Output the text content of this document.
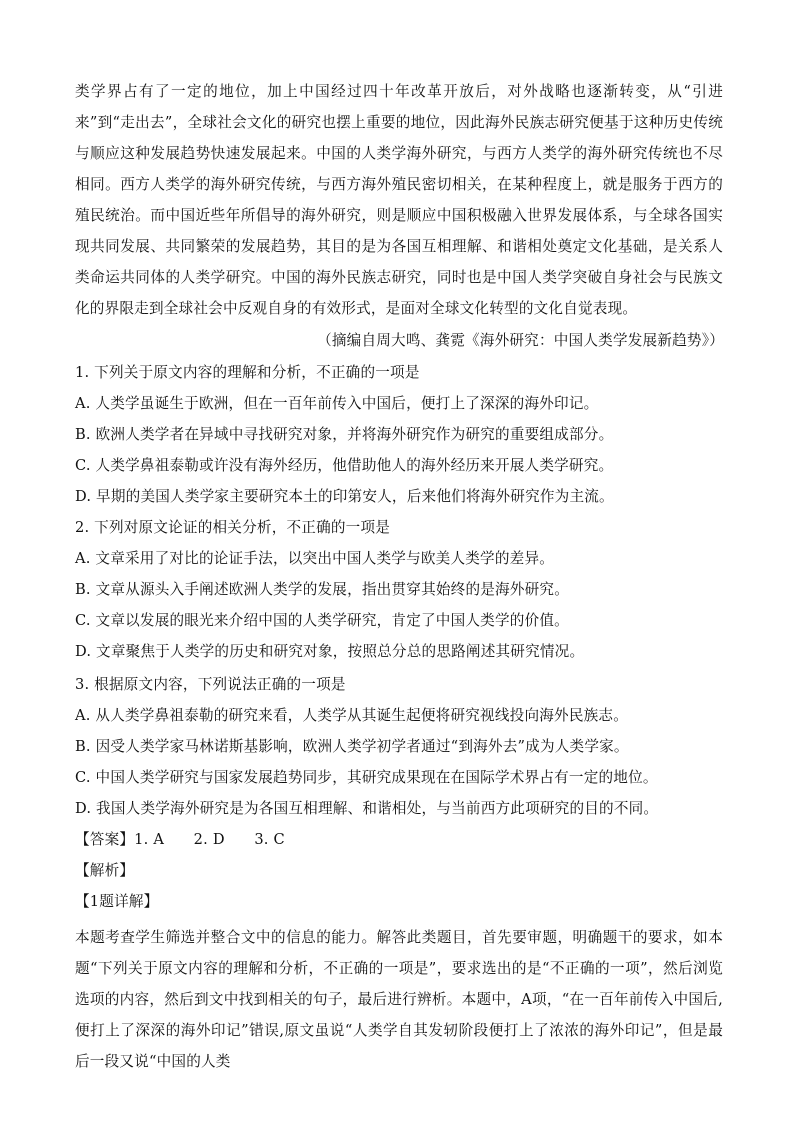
类学界占有了一定的地位，加上中国经过四十年改革开放后，对外战略也逐渐转变，从“引进来”到“走出去”，全球社会文化的研究也摆上重要的地位，因此海外民族志研究便基于这种历史传统与顺应这种发展趋势快速发展起来。中国的人类学海外研究，与西方人类学的海外研究传统也不尽相同。西方人类学的海外研究传统，与西方海外殖民密切相关，在某种程度上，就是服务于西方的殖民统治。而中国近些年所倡导的海外研究，则是顺应中国积极融入世界发展体系，与全球各国实现共同发展、共同繁荣的发展趋势，其目的是为各国互相理解、和谐相处奠定文化基础，是关系人类命运共同体的人类学研究。中国的海外民族志研究，同时也是中国人类学突破自身社会与民族文化的界限走到全球社会中反观自身的有效形式，是面对全球文化转型的文化自觉表现。

（摘编自周大鸣、龚霓《海外研究：中国人类学发展新趋势》）
1. 下列关于原文内容的理解和分析，不正确的一项是
A. 人类学虽诞生于欧洲，但在一百年前传入中国后，便打上了深深的海外印记。
B. 欧洲人类学者在异域中寻找研究对象，并将海外研究作为研究的重要组成部分。
C. 人类学鼻祖泰勒或许没有海外经历，他借助他人的海外经历来开展人类学研究。
D. 早期的美国人类学家主要研究本土的印第安人，后来他们将海外研究作为主流。
2. 下列对原文论证的相关分析，不正确的一项是
A. 文章采用了对比的论证手法，以突出中国人类学与欧美人类学的差异。
B. 文章从源头入手阐述欧洲人类学的发展，指出贯穿其始终的是海外研究。
C. 文章以发展的眼光来介绍中国的人类学研究，肯定了中国人类学的价值。
D. 文章聚焦于人类学的历史和研究对象，按照总分总的思路阐述其研究情况。
3. 根据原文内容，下列说法正确的一项是
A. 从人类学鼻祖泰勒的研究来看，人类学从其诞生起便将研究视线投向海外民族志。
B. 因受人类学家马林诺斯基影响，欧洲人类学初学者通过“到海外去”成为人类学家。
C. 中国人类学研究与国家发展趋势同步，其研究成果现在在国际学术界占有一定的地位。
D. 我国人类学海外研究是为各国互相理解、和谐相处，与当前西方此项研究的目的不同。
【答案】1. A　　2. D　　3. C
【解析】
【1题详解】

本题考查学生筛选并整合文中的信息的能力。解答此类题目，首先要审题，明确题干的要求，如本题“下列关于原文内容的理解和分析，不正确的一项是”，要求选出的是“不正确的一项”，然后浏览选项的内容，然后到文中找到相关的句子，最后进行辨析。本题中，A项，“在一百年前传入中国后,便打上了深深的海外印记”错误,原文虽说“人类学自其发轫阶段便打上了浓浓的海外印记”，但是最后一段又说“中国的人类
